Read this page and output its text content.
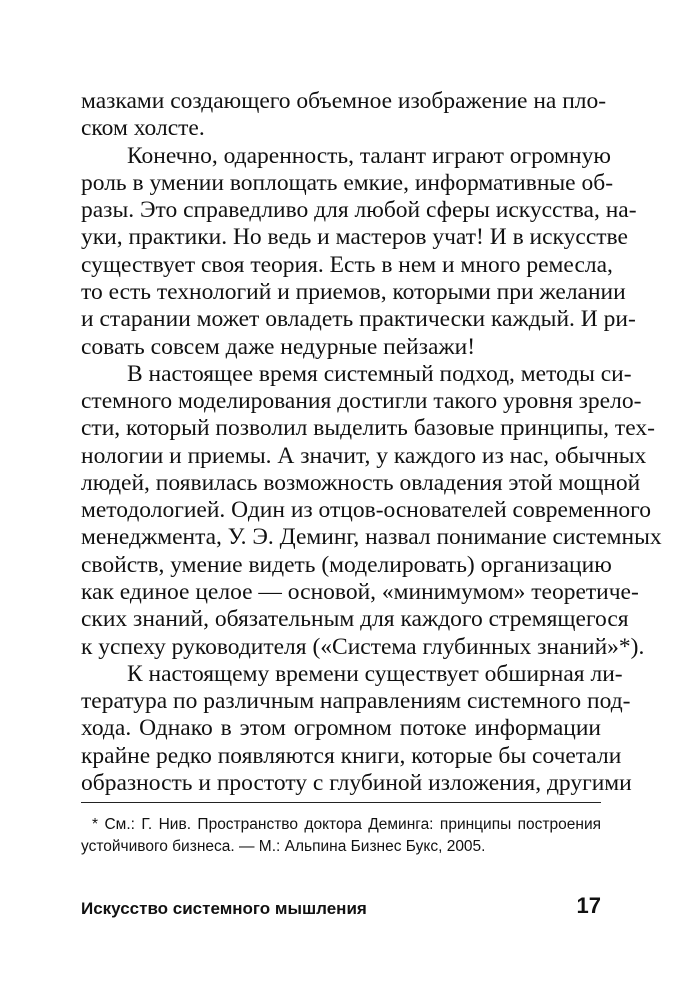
мазками создающего объемное изображение на пло-
ском холсте.
Конечно, одаренность, талант играют огромную
роль в умении воплощать емкие, информативные об-
разы. Это справедливо для любой сферы искусства, на-
уки, практики. Но ведь и мастеров учат! И в искусстве
существует своя теория. Есть в нем и много ремесла,
то есть технологий и приемов, которыми при желании
и старании может овладеть практически каждый. И ри-
совать совсем даже недурные пейзажи!
В настоящее время системный подход, методы си-
стемного моделирования достигли такого уровня зрело-
сти, который позволил выделить базовые принципы, тех-
нологии и приемы. А значит, у каждого из нас, обычных
людей, появилась возможность овладения этой мощной
методологией. Один из отцов-основателей современного
менеджмента, У. Э. Деминг, назвал понимание системных
свойств, умение видеть (моделировать) организацию
как единое целое — основой, «минимумом» теоретиче-
ских знаний, обязательным для каждого стремящегося
к успеху руководителя («Система глубинных знаний»*).
К настоящему времени существует обширная ли-
тература по различным направлениям системного под-
хода. Однако в этом огромном потоке информации
крайне редко появляются книги, которые бы сочетали
образность и простоту с глубиной изложения, другими
* См.: Г. Нив. Пространство доктора Деминга: принципы построения
устойчивого бизнеса. — М.: Альпина Бизнес Букс, 2005.
Искусство системного мышления	17
